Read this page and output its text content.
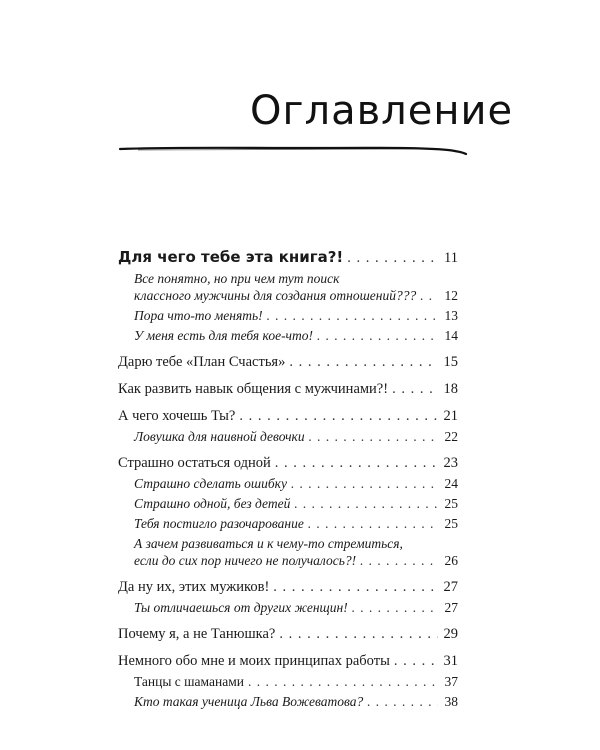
Оглавление
Для чего тебе эта книга?! . . .	11
Все понятно, но при чем тут поиск
классного мужчины для создания отношений??? . . . 12
Пора что-то менять! . . .	13
У меня есть для тебя кое-что! . . .	14
Дарю тебе «План Счастья» . . .	15
Как развить навык общения с мужчинами?! . . .	18
А чего хочешь Ты? . . .	21
Ловушка для наивной девочки . . .	22
Страшно остаться одной . . .	23
Страшно сделать ошибку . . .	24
Страшно одной, без детей . . .	25
Тебя постигло разочарование . . .	25
А зачем развиваться и к чему-то стремиться,
если до сих пор ничего не получалось?! . . .	26
Да ну их, этих мужиков! . . .	27
Ты отличаешься от других женщин! . . .	27
Почему я, а не Танюшка? . . .	29
Немного обо мне и моих принципах работы . . .	31
Танцы с шаманами . . .	37
Кто такая ученица Льва Вожеватова? . . .	38
